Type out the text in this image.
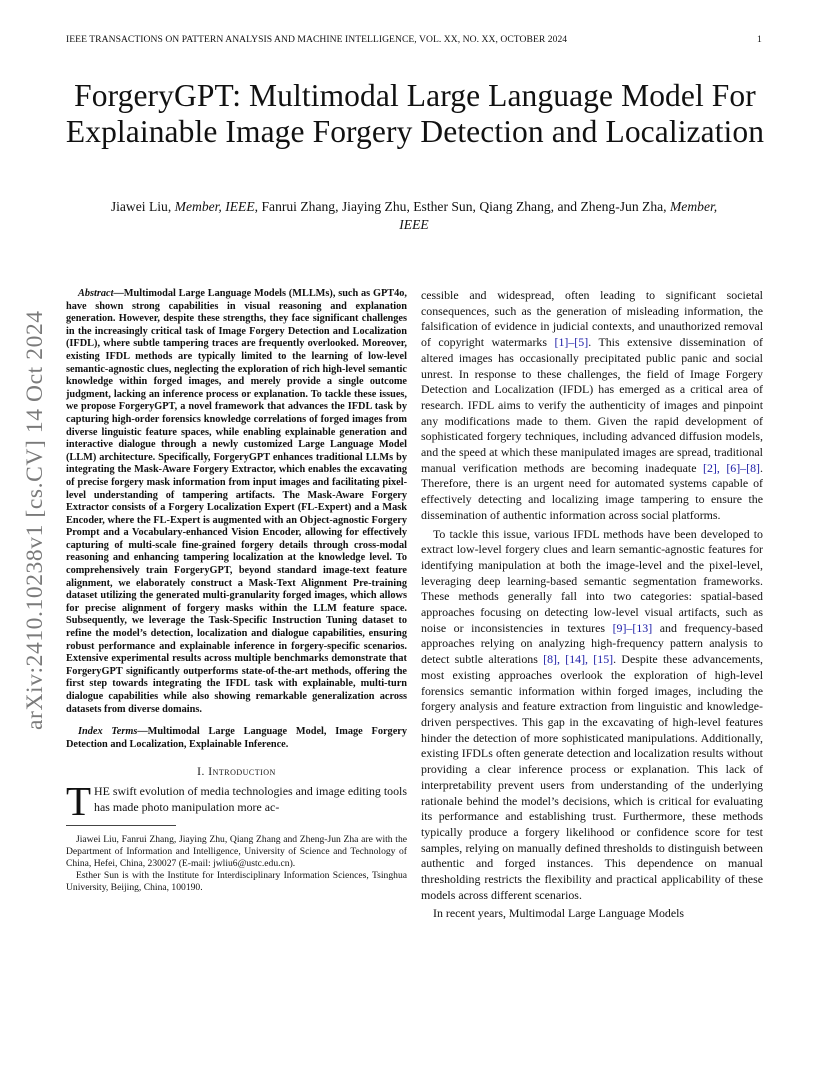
IEEE TRANSACTIONS ON PATTERN ANALYSIS AND MACHINE INTELLIGENCE, VOL. XX, NO. XX, OCTOBER 2024	1
ForgeryGPT: Multimodal Large Language Model For Explainable Image Forgery Detection and Localization
Jiawei Liu, Member, IEEE, Fanrui Zhang, Jiaying Zhu, Esther Sun, Qiang Zhang, and Zheng-Jun Zha, Member, IEEE
arXiv:2410.10238v1 [cs.CV] 14 Oct 2024

Abstract—Multimodal Large Language Models (MLLMs), such as GPT4o, have shown strong capabilities in visual reasoning and explanation generation. However, despite these strengths, they face significant challenges in the increasingly critical task of Image Forgery Detection and Localization (IFDL), where subtle tampering traces are frequently overlooked. Moreover, existing IFDL methods are typically limited to the learning of low-level semantic-agnostic clues, neglecting the exploration of rich high-level semantic knowledge within forged images, and merely provide a single outcome judgment, lacking an inference process or explanation. To tackle these issues, we propose ForgeryGPT, a novel framework that advances the IFDL task by capturing high-order forensics knowledge correlations of forged images from diverse linguistic feature spaces, while enabling explainable generation and interactive dialogue through a newly customized Large Language Model (LLM) architecture. Specifically, ForgeryGPT enhances traditional LLMs by integrating the Mask-Aware Forgery Extractor, which enables the excavating of precise forgery mask information from input images and facilitating pixel-level understanding of tampering artifacts. The Mask-Aware Forgery Extractor consists of a Forgery Localization Expert (FL-Expert) and a Mask Encoder, where the FL-Expert is augmented with an Object-agnostic Forgery Prompt and a Vocabulary-enhanced Vision Encoder, allowing for effectively capturing of multi-scale fine-grained forgery details through cross-modal reasoning and enhancing tampering localization at the knowledge level. To comprehensively train ForgeryGPT, beyond standard image-text feature alignment, we elaborately construct a Mask-Text Alignment Pre-training dataset utilizing the generated multi-granularity forged images, which allows for precise alignment of forgery masks within the LLM feature space. Subsequently, we leverage the Task-Specific Instruction Tuning dataset to refine the model’s detection, localization and dialogue capabilities, ensuring robust performance and explainable inference in forgery-specific scenarios. Extensive experimental results across multiple benchmarks demonstrate that ForgeryGPT significantly outperforms state-of-the-art methods, offering the first step towards integrating the IFDL task with explainable, multi-turn dialogue capabilities while also showing remarkable generalization across datasets from diverse domains.

Index Terms—Multimodal Large Language Model, Image Forgery Detection and Localization, Explainable Inference.

I. Introduction

THE swift evolution of media technologies and image editing tools has made photo manipulation more ac-

Jiawei Liu, Fanrui Zhang, Jiaying Zhu, Qiang Zhang and Zheng-Jun Zha are with the Department of Information and Intelligence, University of Science and Technology of China, Hefei, China, 230027 (E-mail: jwliu6@ustc.edu.cn).

Esther Sun is with the Institute for Interdisciplinary Information Sciences, Tsinghua University, Beijing, China, 100190.

cessible and widespread, often leading to significant societal consequences, such as the generation of misleading information, the falsification of evidence in judicial contexts, and unauthorized removal of copyright watermarks [1]–[5]. This extensive dissemination of altered images has occasionally precipitated public panic and social unrest. In response to these challenges, the field of Image Forgery Detection and Localization (IFDL) has emerged as a critical area of research. IFDL aims to verify the authenticity of images and pinpoint any modifications made to them. Given the rapid development of sophisticated forgery techniques, including advanced diffusion models, and the speed at which these manipulated images are spread, traditional manual verification methods are becoming inadequate [2], [6]–[8]. Therefore, there is an urgent need for automated systems capable of effectively detecting and localizing image tampering to ensure the dissemination of authentic information across social platforms.

To tackle this issue, various IFDL methods have been developed to extract low-level forgery clues and learn semantic-agnostic features for identifying manipulation at both the image-level and the pixel-level, leveraging deep learning-based semantic segmentation frameworks. These methods generally fall into two categories: spatial-based approaches focusing on detecting low-level visual artifacts, such as noise or inconsistencies in textures [9]–[13] and frequency-based approaches relying on analyzing high-frequency pattern analysis to detect subtle alterations [8], [14], [15]. Despite these advancements, most existing approaches overlook the exploration of high-level forensics semantic information within forged images, including the forgery analysis and feature extraction from linguistic and knowledge-driven perspectives. This gap in the excavating of high-level features hinder the detection of more sophisticated manipulations. Additionally, existing IFDLs often generate detection and localization results without providing a clear inference process or explanation. This lack of interpretability prevent users from understanding of the underlying rationale behind the model’s decisions, which is critical for evaluating its performance and establishing trust. Furthermore, these methods typically produce a forgery likelihood or confidence score for test samples, relying on manually defined thresholds to distinguish between authentic and forged instances. This dependence on manual thresholding restricts the flexibility and practical applicability of these models across different scenarios.

In recent years, Multimodal Large Language Models
